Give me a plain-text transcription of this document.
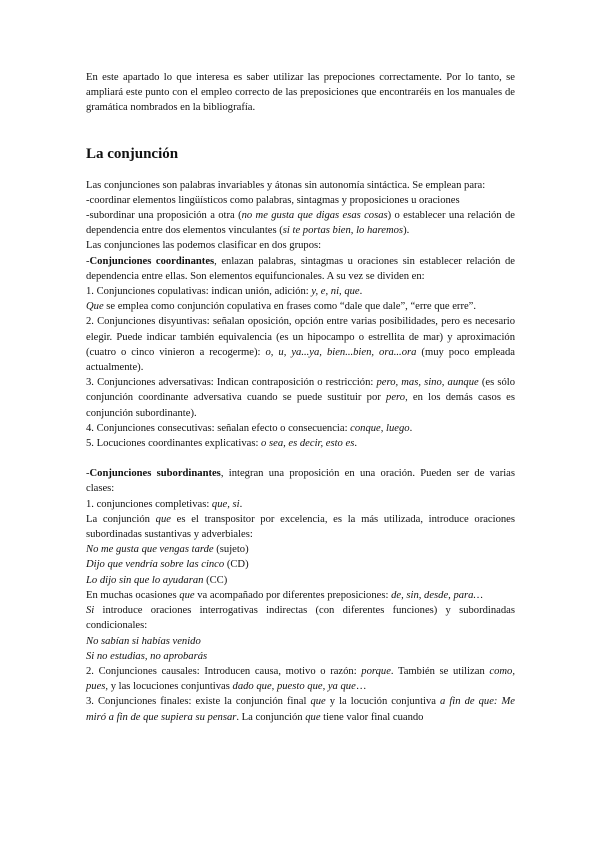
En este apartado lo que interesa es saber utilizar las prepociones correctamente. Por lo tanto, se ampliará este punto con el empleo correcto de las preposiciones que encontraréis en los manuales de gramática nombrados en la bibliografía.

La conjunción

Las conjunciones son palabras invariables y átonas sin autonomía sintáctica. Se emplean para:

-coordinar elementos lingüísticos como palabras, sintagmas y proposiciones u oraciones

-subordinar una proposición a otra (no me gusta que digas esas cosas) o establecer una relación de dependencia entre dos elementos vinculantes (si te portas bien, lo haremos).

Las conjunciones las podemos clasificar en dos grupos:

-Conjunciones coordinantes, enlazan palabras, sintagmas u oraciones sin establecer relación de dependencia entre ellas. Son elementos equifuncionales. A su vez se dividen en:

1. Conjunciones copulativas: indican unión, adición: y, e, ni, que.

Que se emplea como conjunción copulativa en frases como “dale que dale”, “erre que erre”.

2. Conjunciones disyuntivas: señalan oposición, opción entre varias posibilidades, pero es necesario elegir. Puede indicar también equivalencia (es un hipocampo o estrellita de mar) y aproximación (cuatro o cinco vinieron a recogerme): o, u, ya...ya, bien...bien, ora...ora (muy poco empleada actualmente).

3. Conjunciones adversativas: Indican contraposición o restricción: pero, mas, sino, aunque (es sólo conjunción coordinante adversativa cuando se puede sustituir por pero, en los demás casos es conjunción subordinante).

4. Conjunciones consecutivas: señalan efecto o consecuencia: conque, luego.

5. Locuciones coordinantes explicativas: o sea, es decir, esto es.

-Conjunciones subordinantes, integran una proposición en una oración. Pueden ser de varias clases:

1. conjunciones completivas: que, si.

La conjunción que es el transpositor por excelencia, es la más utilizada, introduce oraciones subordinadas sustantivas y adverbiales:

No me gusta que vengas tarde (sujeto)

Dijo que vendría sobre las cinco (CD)

Lo dijo sin que lo ayudaran (CC)

En muchas ocasiones que va acompañado por diferentes preposiciones: de, sin, desde, para…

Si introduce oraciones interrogativas indirectas (con diferentes funciones) y subordinadas condicionales:

No sabían si habías venido

Si no estudias, no aprobarás

2. Conjunciones causales: Introducen causa, motivo o razón: porque. También se utilizan como, pues, y las locuciones conjuntivas dado que, puesto que, ya que…

3. Conjunciones finales: existe la conjunción final que y la locución conjuntiva a fin de que: Me miró a fin de que supiera su pensar. La conjunción que tiene valor final cuando
